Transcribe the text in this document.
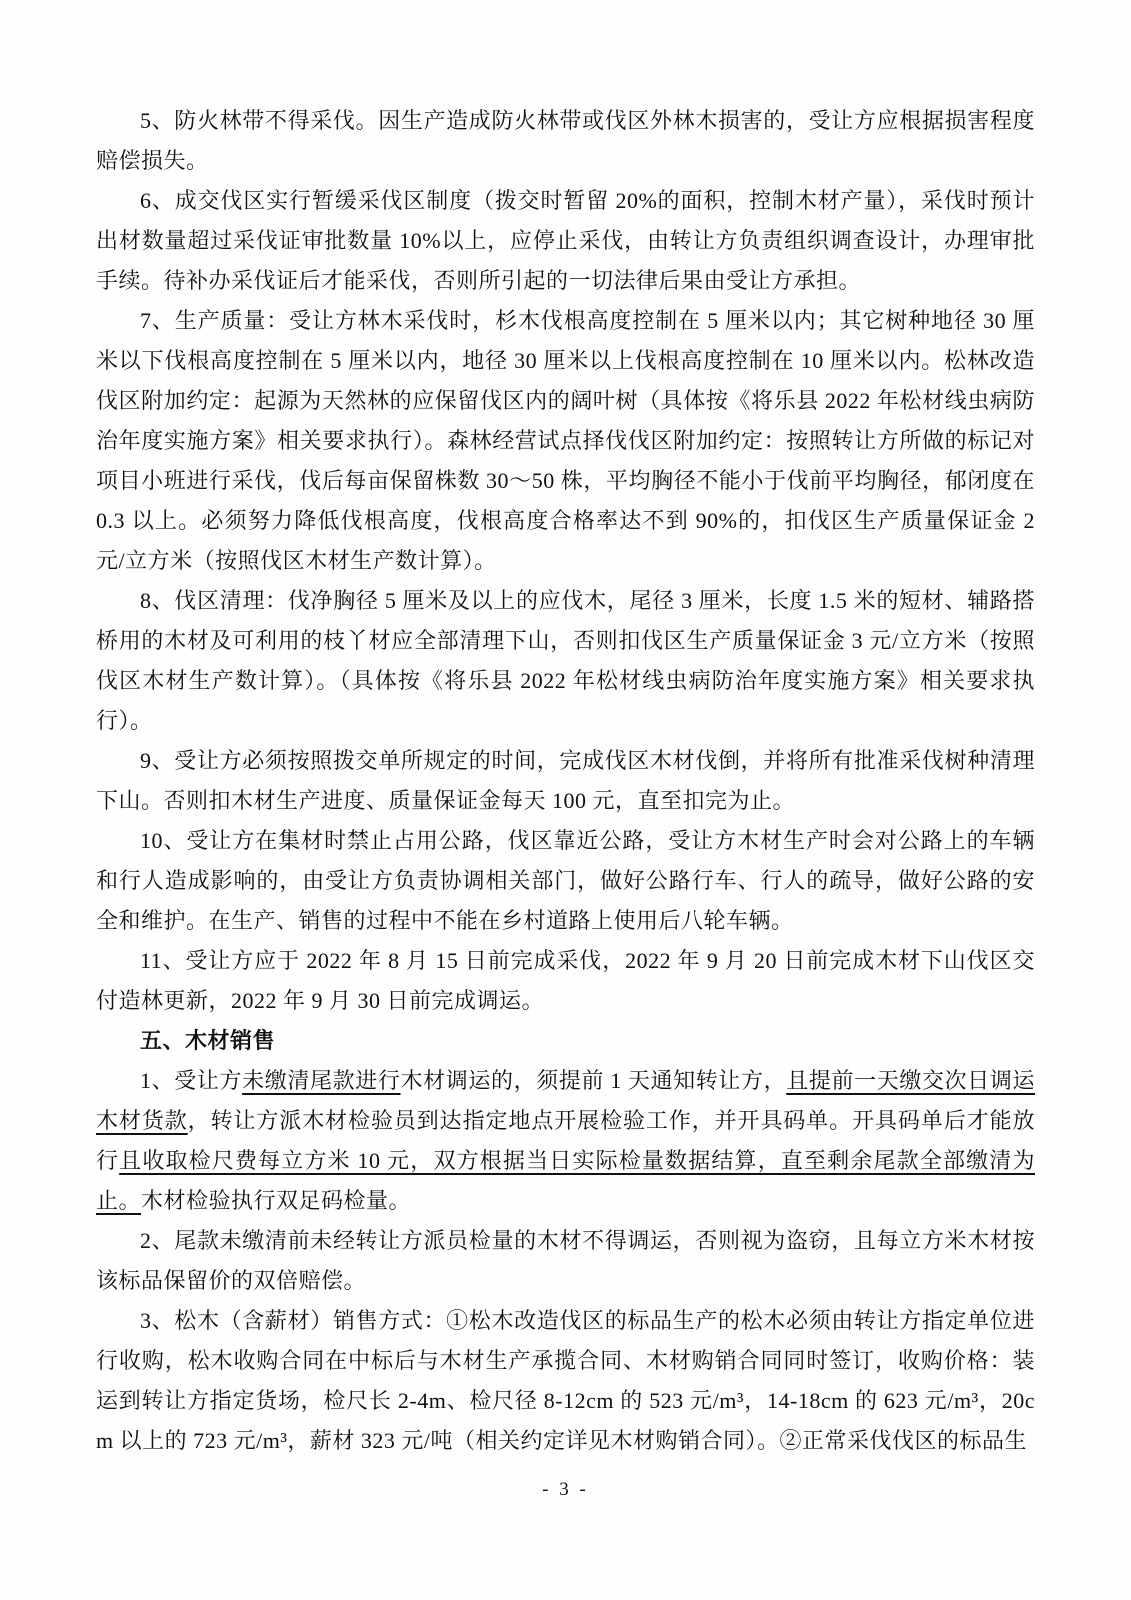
5、防火林带不得采伐。因生产造成防火林带或伐区外林木损害的，受让方应根据损害程度赔偿损失。

6、成交伐区实行暂缓采伐区制度（拨交时暂留 20%的面积，控制木材产量），采伐时预计出材数量超过采伐证审批数量 10%以上，应停止采伐，由转让方负责组织调查设计，办理审批手续。待补办采伐证后才能采伐，否则所引起的一切法律后果由受让方承担。

7、生产质量：受让方林木采伐时，杉木伐根高度控制在 5 厘米以内；其它树种地径 30 厘米以下伐根高度控制在 5 厘米以内，地径 30 厘米以上伐根高度控制在 10 厘米以内。松林改造伐区附加约定：起源为天然林的应保留伐区内的阔叶树（具体按《将乐县 2022 年松材线虫病防治年度实施方案》相关要求执行）。森林经营试点择伐伐区附加约定：按照转让方所做的标记对项目小班进行采伐，伐后每亩保留株数 30～50 株，平均胸径不能小于伐前平均胸径，郁闭度在 0.3 以上。必须努力降低伐根高度，伐根高度合格率达不到 90%的，扣伐区生产质量保证金 2 元/立方米（按照伐区木材生产数计算）。

8、伐区清理：伐净胸径 5 厘米及以上的应伐木，尾径 3 厘米，长度 1.5 米的短材、辅路搭桥用的木材及可利用的枝丫材应全部清理下山，否则扣伐区生产质量保证金 3 元/立方米（按照伐区木材生产数计算）。（具体按《将乐县 2022 年松材线虫病防治年度实施方案》相关要求执行）。

9、受让方必须按照拨交单所规定的时间，完成伐区木材伐倒，并将所有批准采伐树种清理下山。否则扣木材生产进度、质量保证金每天 100 元，直至扣完为止。

10、受让方在集材时禁止占用公路，伐区靠近公路，受让方木材生产时会对公路上的车辆和行人造成影响的，由受让方负责协调相关部门，做好公路行车、行人的疏导，做好公路的安全和维护。在生产、销售的过程中不能在乡村道路上使用后八轮车辆。

11、受让方应于 2022 年 8 月 15 日前完成采伐，2022 年 9 月 20 日前完成木材下山伐区交付造林更新，2022 年 9 月 30 日前完成调运。

五、木材销售

1、受让方未缴清尾款进行木材调运的，须提前 1 天通知转让方，且提前一天缴交次日调运木材货款，转让方派木材检验员到达指定地点开展检验工作，并开具码单。开具码单后才能放行且收取检尺费每立方米 10 元，双方根据当日实际检量数据结算，直至剩余尾款全部缴清为止。木材检验执行双足码检量。

2、尾款未缴清前未经转让方派员检量的木材不得调运，否则视为盗窃，且每立方米木材按该标品保留价的双倍赔偿。

3、松木（含薪材）销售方式：①松木改造伐区的标品生产的松木必须由转让方指定单位进行收购，松木收购合同在中标后与木材生产承揽合同、木材购销合同同时签订，收购价格：装运到转让方指定货场，检尺长 2-4m、检尺径 8-12cm 的 523 元/m³，14-18cm 的 623 元/m³，20cm 以上的 723 元/m³，薪材 323 元/吨（相关约定详见木材购销合同）。②正常采伐伐区的标品生

- 3 -
